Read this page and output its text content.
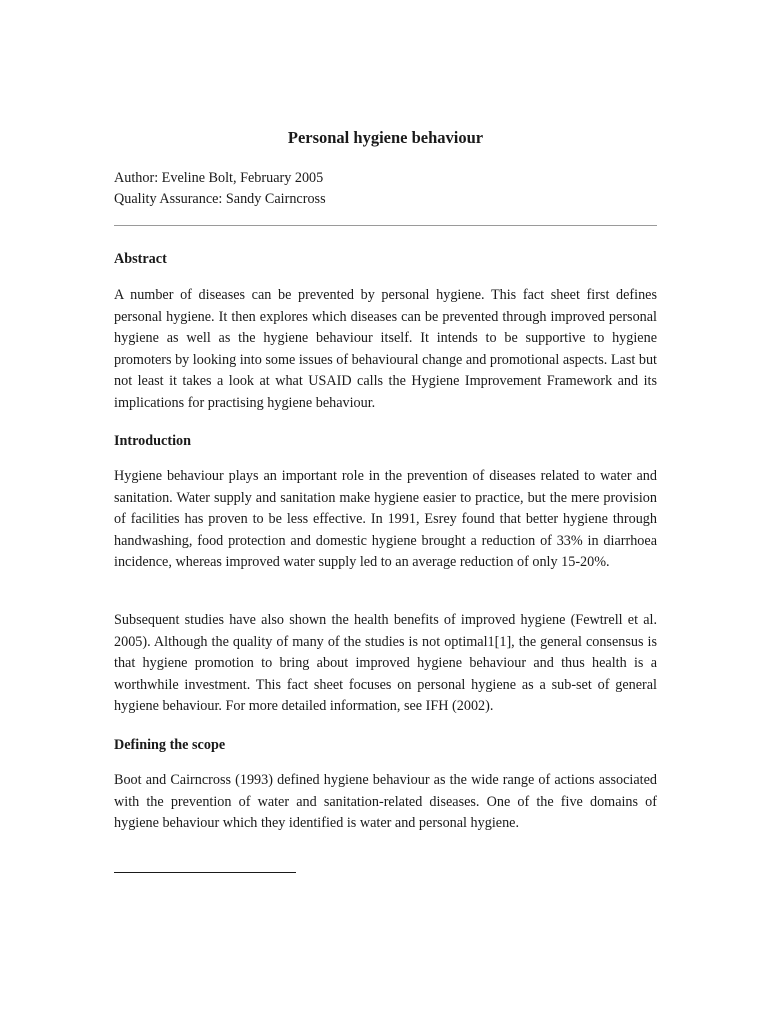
Personal hygiene behaviour

Author: Eveline Bolt, February 2005

Quality Assurance: Sandy Cairncross

Abstract

A number of diseases can be prevented by personal hygiene. This fact sheet first defines personal hygiene. It then explores which diseases can be prevented through improved personal hygiene as well as the hygiene behaviour itself. It intends to be supportive to hygiene promoters by looking into some issues of behavioural change and promotional aspects. Last but not least it takes a look at what USAID calls the Hygiene Improvement Framework and its implications for practising hygiene behaviour.

Introduction

Hygiene behaviour plays an important role in the prevention of diseases related to water and sanitation. Water supply and sanitation make hygiene easier to practice, but the mere provision of facilities has proven to be less effective. In 1991, Esrey found that better hygiene through handwashing, food protection and domestic hygiene brought a reduction of 33% in diarrhoea incidence, whereas improved water supply led to an average reduction of only 15-20%.

Subsequent studies have also shown the health benefits of improved hygiene (Fewtrell et al. 2005). Although the quality of many of the studies is not optimal1[1], the general consensus is that hygiene promotion to bring about improved hygiene behaviour and thus health is a worthwhile investment. This fact sheet focuses on personal hygiene as a sub-set of general hygiene behaviour. For more detailed information, see IFH (2002).

Defining the scope

Boot and Cairncross (1993) defined hygiene behaviour as the wide range of actions associated with the prevention of water and sanitation-related diseases. One of the five domains of hygiene behaviour which they identified is water and personal hygiene.
